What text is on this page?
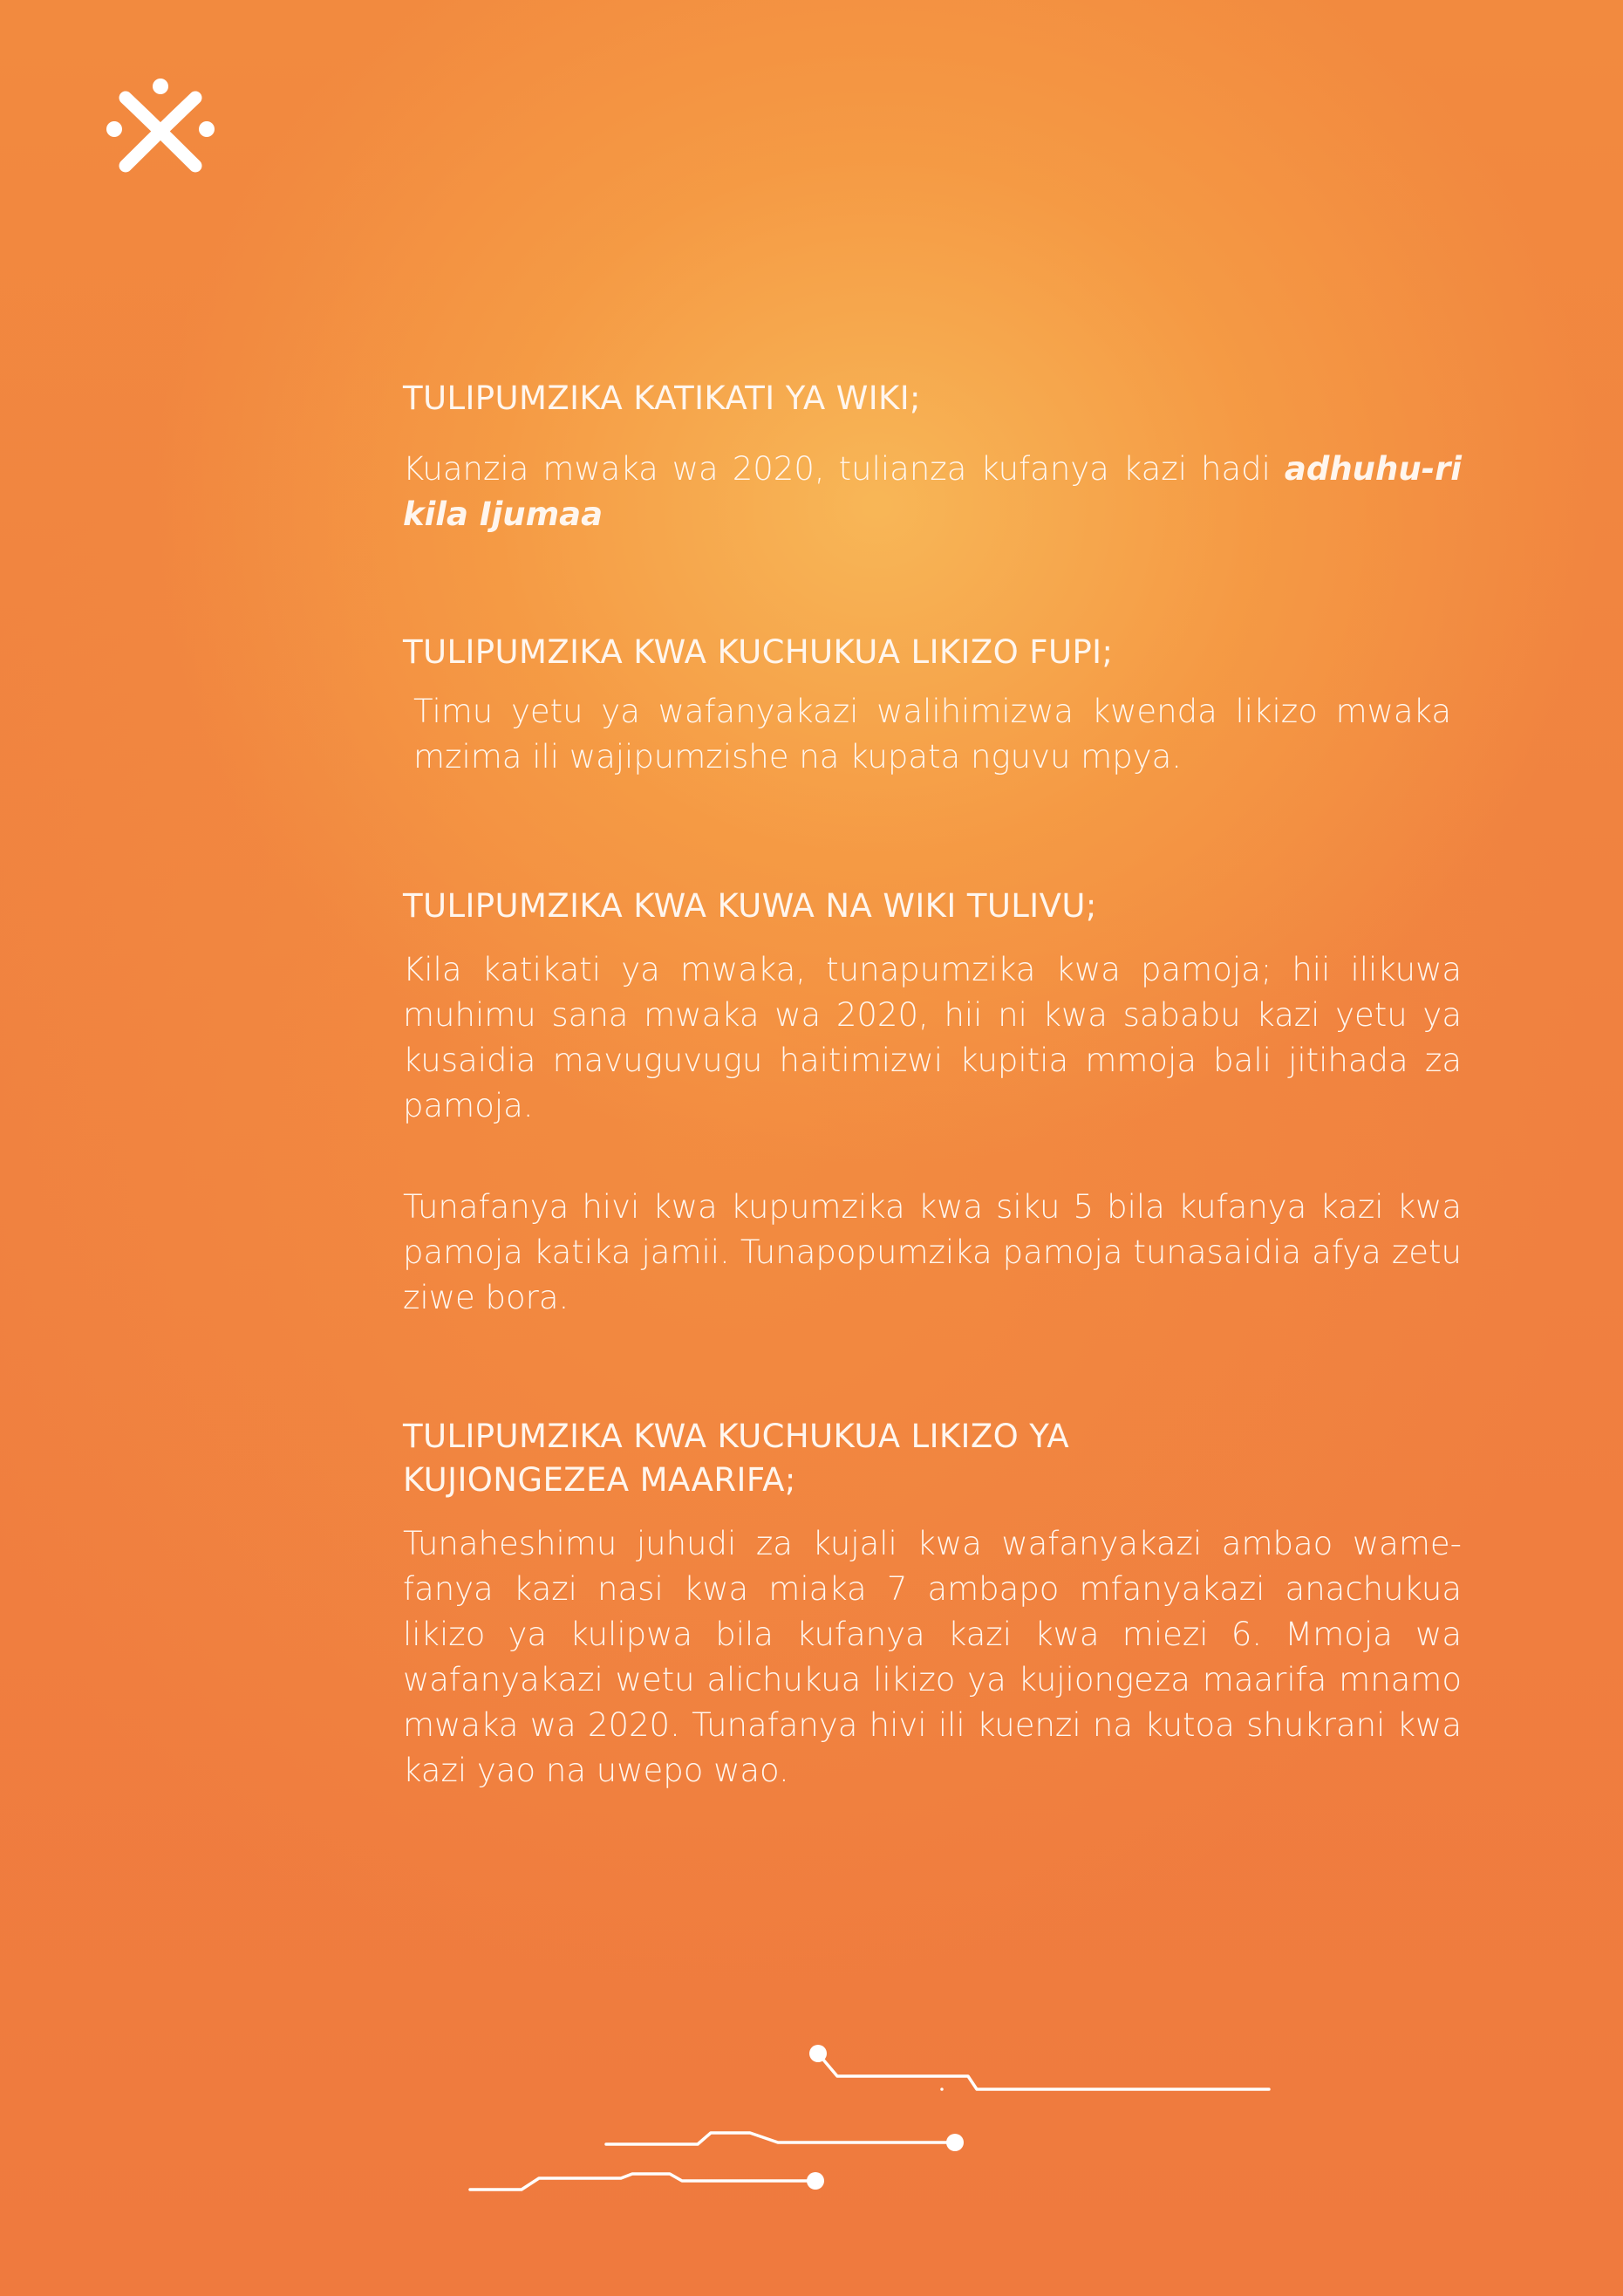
TULIPUMZIKA KATIKATI YA WIKI;
Kuanzia mwaka wa 2020, tulianza kufanya kazi hadi adhuhu-ri kila Ijumaa
TULIPUMZIKA KWA KUCHUKUA LIKIZO FUPI;
Timu yetu ya wafanyakazi walihimizwa kwenda likizo mwaka mzima ili wajipumzishe na kupata nguvu mpya.
TULIPUMZIKA KWA KUWA NA WIKI TULIVU;
Kila katikati ya mwaka, tunapumzika kwa pamoja; hii ilikuwa muhimu sana mwaka wa 2020, hii ni kwa sababu kazi yetu ya kusaidia mavuguvugu haitimizwi kupitia mmoja bali jitihada za pamoja.
Tunafanya hivi kwa kupumzika kwa siku 5 bila kufanya kazi kwa pamoja katika jamii. Tunapopumzika pamoja tunasaidia afya zetu ziwe bora.
TULIPUMZIKA KWA KUCHUKUA LIKIZO YA
KUJIONGEZEA MAARIFA;
Tunaheshimu juhudi za kujali kwa wafanyakazi ambao wame-fanya kazi nasi kwa miaka 7 ambapo mfanyakazi anachukua likizo ya kulipwa bila kufanya kazi kwa miezi 6. Mmoja wa wafanyakazi wetu alichukua likizo ya kujiongeza maarifa mnamo mwaka wa 2020. Tunafanya hivi ili kuenzi na kutoa shukrani kwa kazi yao na uwepo wao.
